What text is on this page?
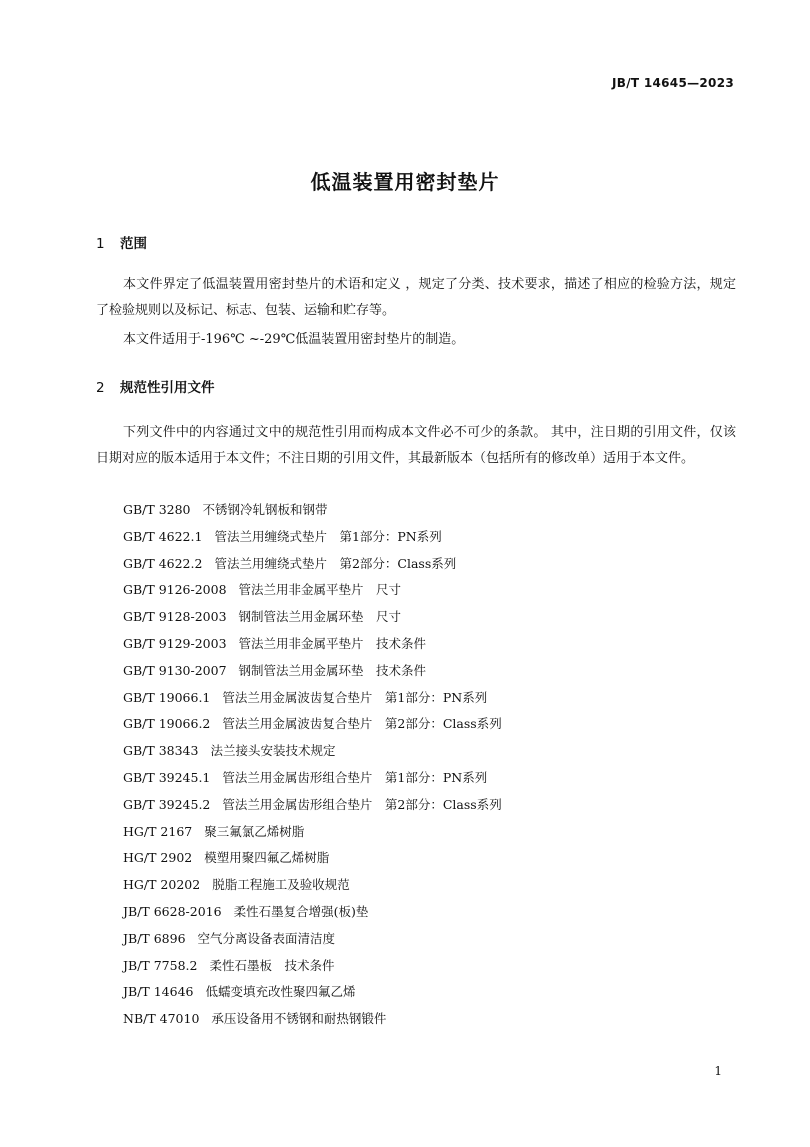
JB/T 14645—2023
低温装置用密封垫片
1 范围
本文件界定了低温装置用密封垫片的术语和定义 ，规定了分类、技术要求，描述了相应的检验方法，规定了检验规则以及标记、标志、包装、运输和贮存等。
本文件适用于-196℃ ~-29℃低温装置用密封垫片的制造。
2 规范性引用文件
下列文件中的内容通过文中的规范性引用而构成本文件必不可少的条款。 其中，注日期的引用文件，仅该日期对应的版本适用于本文件；不注日期的引用文件，其最新版本（包括所有的修改单）适用于本文件。
GB/T 3280 不锈钢冷轧钢板和钢带
GB/T 4622.1 管法兰用缠绕式垫片　第1部分：PN系列
GB/T 4622.2 管法兰用缠绕式垫片　第2部分：Class系列
GB/T 9126-2008 管法兰用非金属平垫片　尺寸
GB/T 9128-2003 钢制管法兰用金属环垫　尺寸
GB/T 9129-2003 管法兰用非金属平垫片　技术条件
GB/T 9130-2007 钢制管法兰用金属环垫　技术条件
GB/T 19066.1 管法兰用金属波齿复合垫片　第1部分：PN系列
GB/T 19066.2 管法兰用金属波齿复合垫片　第2部分：Class系列
GB/T 38343 法兰接头安装技术规定
GB/T 39245.1 管法兰用金属齿形组合垫片　第1部分：PN系列
GB/T 39245.2 管法兰用金属齿形组合垫片　第2部分：Class系列
HG/T 2167 聚三氟氯乙烯树脂
HG/T 2902 模塑用聚四氟乙烯树脂
HG/T 20202 脱脂工程施工及验收规范
JB/T 6628-2016 柔性石墨复合增强(板)垫
JB/T 6896 空气分离设备表面清洁度
JB/T 7758.2 柔性石墨板　技术条件
JB/T 14646 低蠕变填充改性聚四氟乙烯
NB/T 47010 承压设备用不锈钢和耐热钢锻件
1
